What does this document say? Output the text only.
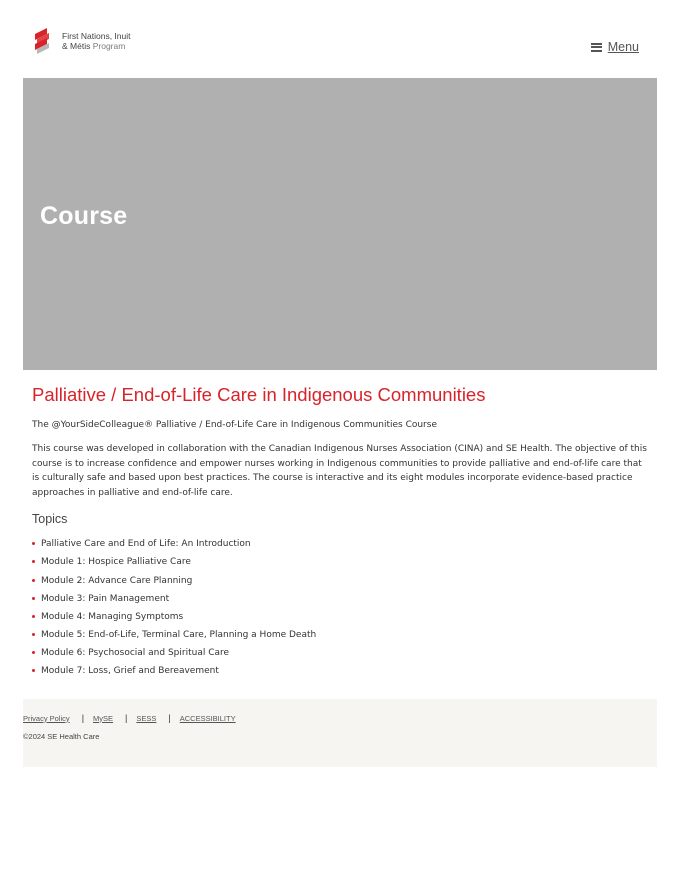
First Nations, Inuit
& Métis Program	Menu
Course
Palliative / End-of-Life Care in Indigenous Communities

The @YourSideColleague® Palliative / End-of-Life Care in Indigenous Communities Course

This course was developed in collaboration with the Canadian Indigenous Nurses Association (CINA) and SE Health. The objective of this course is to increase confidence and empower nurses working in Indigenous communities to provide palliative and end-of-life care that is culturally safe and based upon best practices. The course is interactive and its eight modules incorporate evidence-based practice approaches in palliative and end-of-life care.

Topics
Palliative Care and End of Life: An Introduction
Module 1: Hospice Palliative Care
Module 2: Advance Care Planning
Module 3: Pain Management
Module 4: Managing Symptoms
Module 5: End-of-Life, Terminal Care, Planning a Home Death
Module 6: Psychosocial and Spiritual Care
Module 7: Loss, Grief and Bereavement
Privacy Policy | MySE | SESS | ACCESSIBILITY
©2024 SE Health Care
